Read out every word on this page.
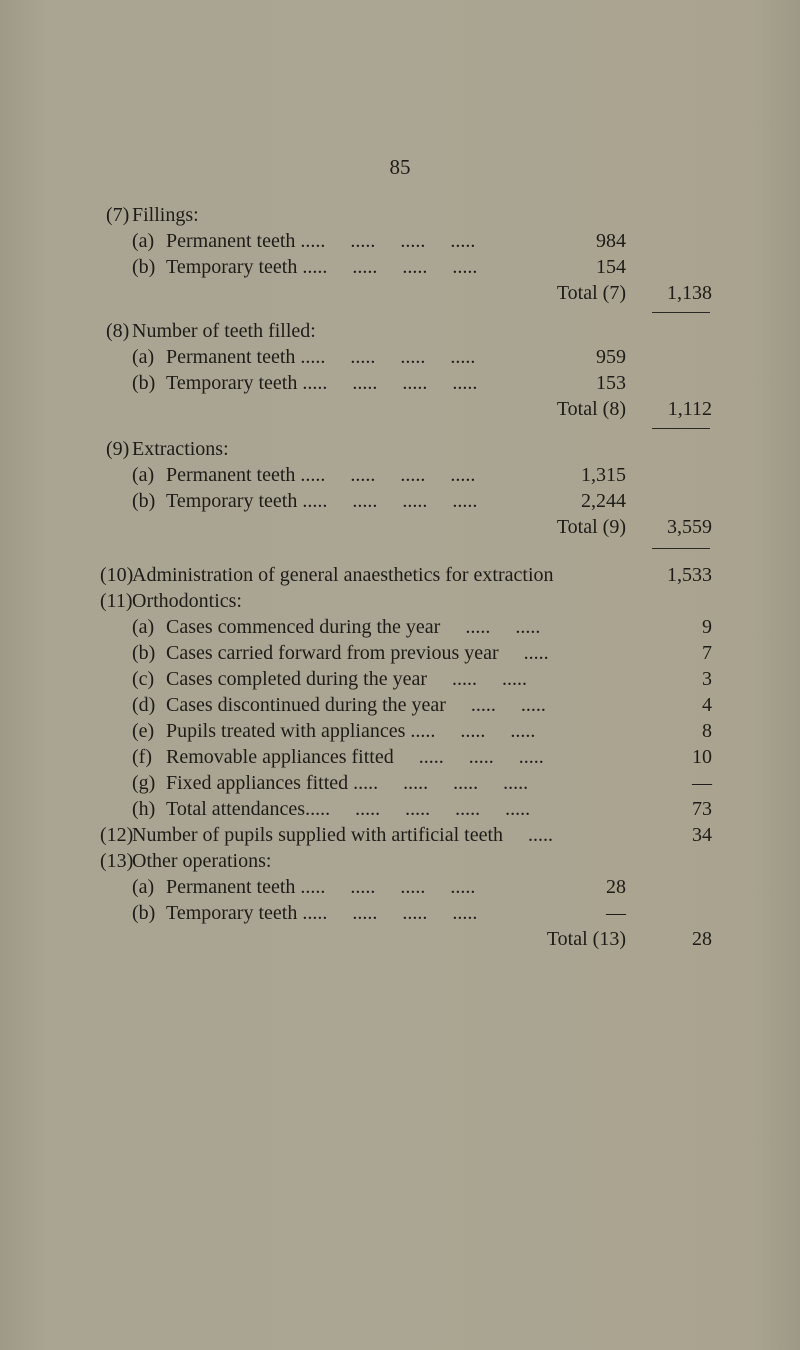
85
(7) Fillings:
(a) Permanent teeth .....     .....     .....     .....	984
(b) Temporary teeth .....     .....     .....     .....	154
Total (7) 1,138
(8) Number of teeth filled:
(a) Permanent teeth .....     .....     .....     .....	959
(b) Temporary teeth .....     .....     .....     .....	153
Total (8) 1,112
(9) Extractions:
(a) Permanent teeth .....     .....     .....     .....	1,315
(b) Temporary teeth .....     .....     .....     .....	2,244
Total (9) 3,559
(10)
Administration of general anaesthetics for extraction	1,533
(11) Orthodontics:
(a) Cases commenced during the year     .....     .....	9
(b) Cases carried forward from previous year     .....	7
(c) Cases completed during the year     .....     .....	3
(d) Cases discontinued during the year     .....     .....	4
(e) Pupils treated with appliances .....     .....     .....	8
(f) Removable appliances fitted     .....     .....     .....	10
(g) Fixed appliances fitted .....     .....     .....     .....	—
(h) Total attendances.....     .....     .....     .....     .....	73
(12)
Number of pupils supplied with artificial teeth     .....	34
(13)
Other operations:
(a) Permanent teeth .....     .....     .....     .....	28
(b) Temporary teeth .....     .....     .....     .....	—
Total (13)	28
